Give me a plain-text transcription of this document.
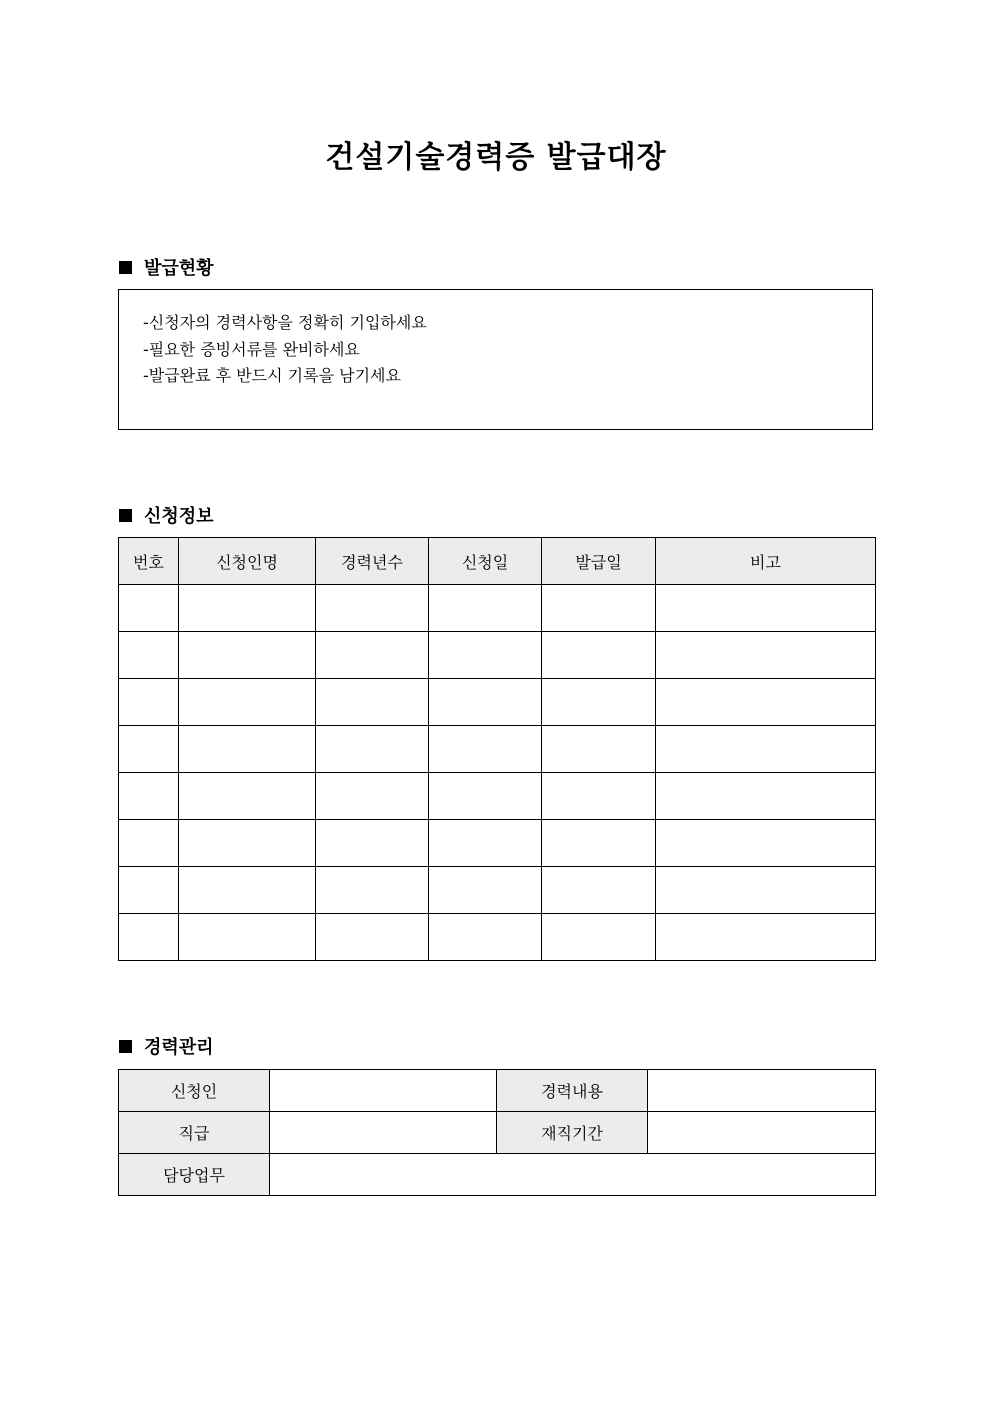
건설기술경력증 발급대장
발급현황
-신청자의 경력사항을 정확히 기입하세요
-필요한 증빙서류를 완비하세요
-발급완료 후 반드시 기록을 남기세요
신청정보
번호	신청인명	경력년수	신청일	발급일	비고

경력관리
신청인		경력내용	
직급		재직기간	
담당업무			
